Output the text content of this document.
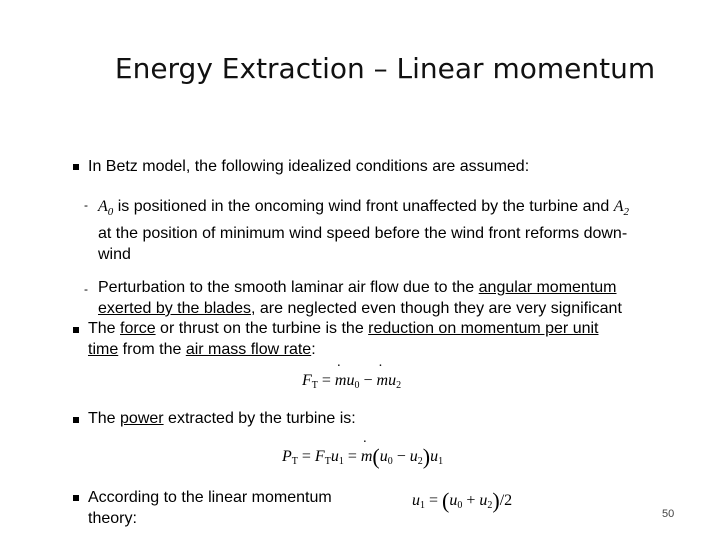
Energy Extraction – Linear momentum
In Betz model, the following idealized conditions are assumed:
- $A_0$ is positioned in the oncoming wind front unaffected by the turbine and $A_2$
at the position of minimum wind speed before the wind front reforms down-
wind
- Perturbation to the smooth laminar air flow due to the angular momentum
exerted by the blades, are neglected even though they are very significant
The force or thrust on the turbine is the reduction on momentum per unit
time from the air mass flow rate:
$F_T$ = · $mu_0$ − · $mu_2$
The power extracted by the turbine is:
$P_T = F_Tu_1$ = · $m(u_0 - u_2)u_1$
According to the linear momentum
theory:
$u_1 = (u_0 + u_2)/2$
50
